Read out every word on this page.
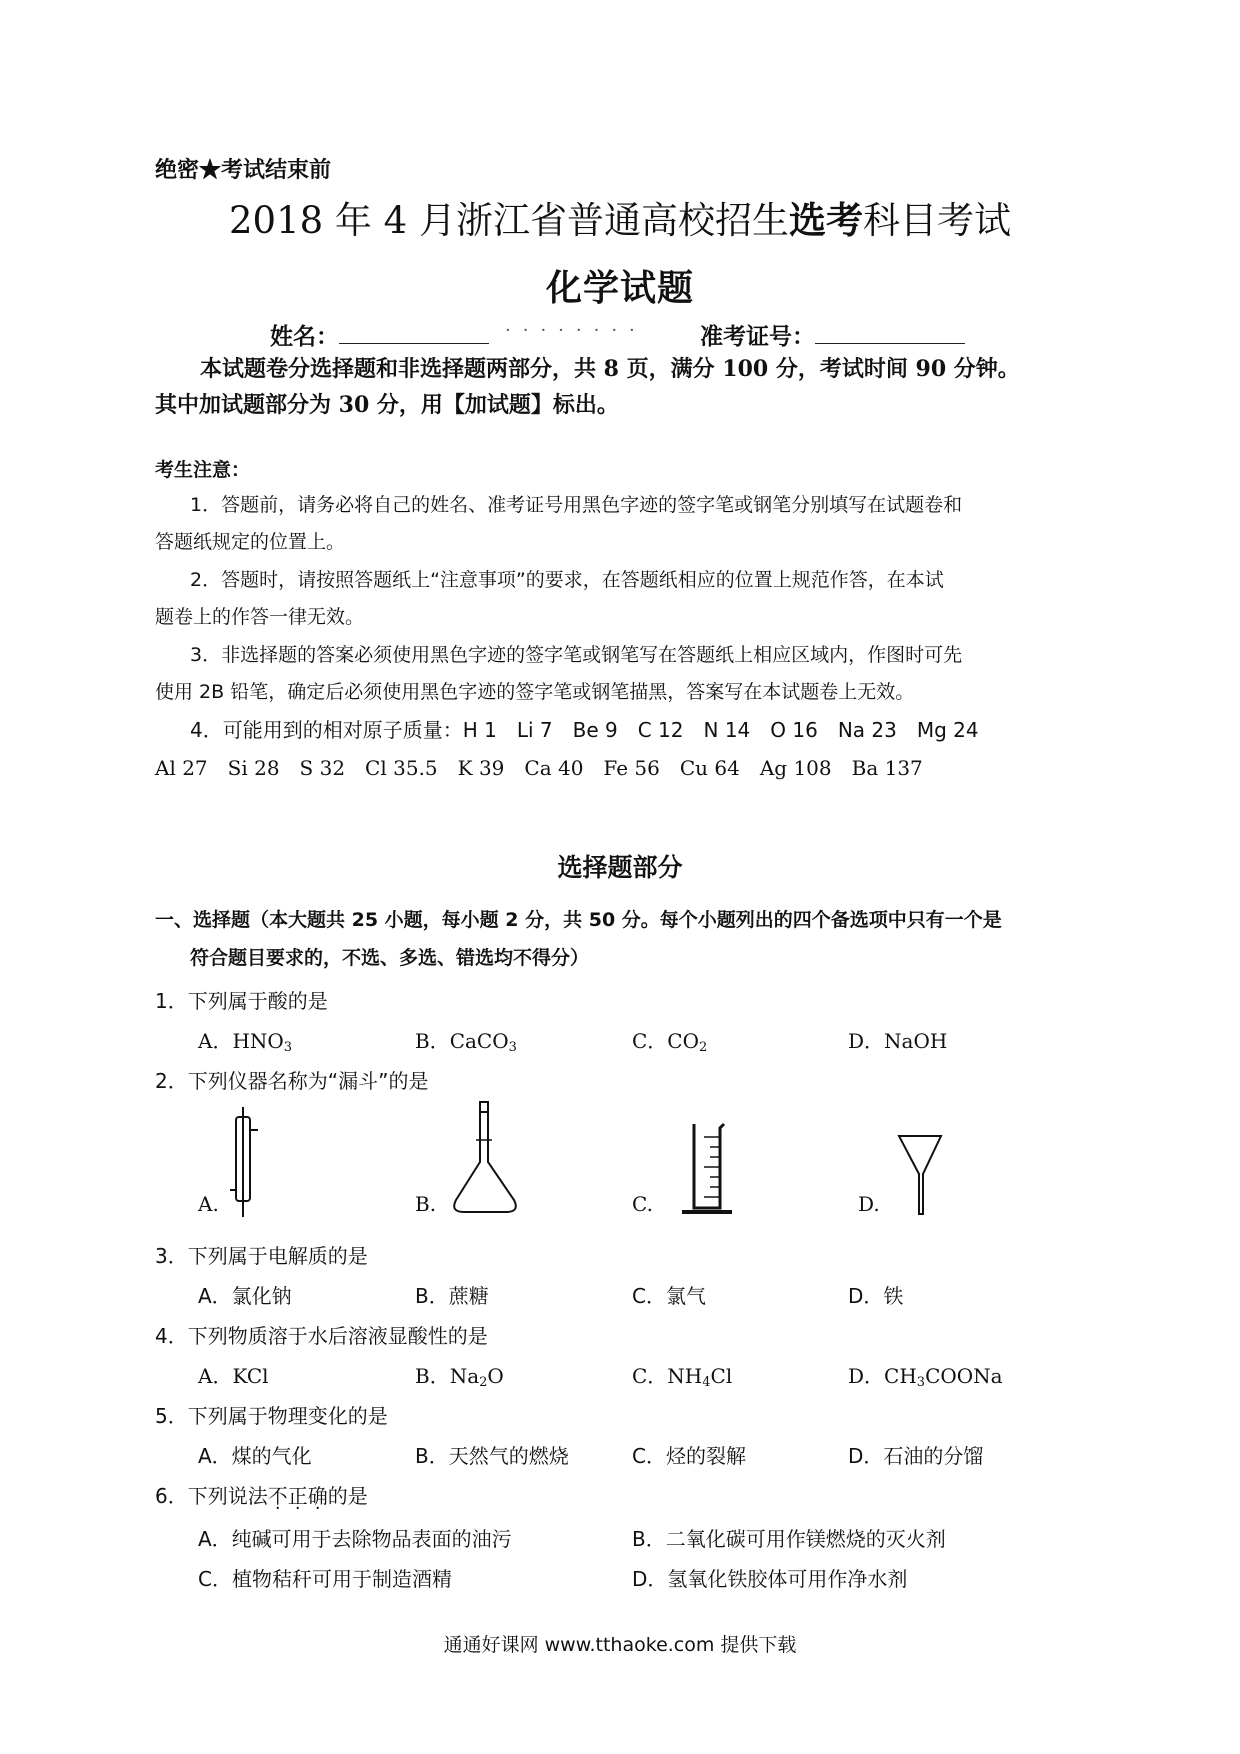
绝密★考试结束前
2018 年 4 月浙江省普通高校招生选考科目考试
化学试题
姓名：	········ 准考证号：
本试题卷分选择题和非选择题两部分，共 8 页，满分 100 分，考试时间 90 分钟。
其中加试题部分为 30 分，用【加试题】标出。
考生注意：
1．答题前，请务必将自己的姓名、准考证号用黑色字迹的签字笔或钢笔分别填写在试题卷和
答题纸规定的位置上。
2．答题时，请按照答题纸上“注意事项”的要求，在答题纸相应的位置上规范作答，在本试
题卷上的作答一律无效。
3．非选择题的答案必须使用黑色字迹的签字笔或钢笔写在答题纸上相应区域内，作图时可先
使用 2B 铅笔，确定后必须使用黑色字迹的签字笔或钢笔描黑，答案写在本试题卷上无效。
4．可能用到的相对原子质量：H 1　Li 7　Be 9　C 12　N 14　O 16　Na 23　Mg 24
Al 27　Si 28　S 32　Cl 35.5　K 39　Ca 40　Fe 56　Cu 64　Ag 108　Ba 137
选择题部分
一、选择题（本大题共 25 小题，每小题 2 分，共 50 分。每个小题列出的四个备选项中只有一个是
符合题目要求的，不选、多选、错选均不得分）
1．下列属于酸的是
A．$HNO_3$	B．CaCO$_3$	C．$CO_2$	D．NaOH
2．下列仪器名称为“漏斗”的是
A.	B.	C.	D.
3．下列属于电解质的是
A．氯化钠	B．蔗糖	C．氯气	D．铁
4．下列物质溶于水后溶液显酸性的是
A．KCl	B．$Na_2O$	C．$NH_4Cl$	D．$CH_3COONa$
5．下列属于物理变化的是
A．煤的气化	B．天然气的燃烧	C．烃的裂解	D．石油的分馏
6．下列说法不正确的是
A．纯碱可用于去除物品表面的油污	B．二氧化碳可用作镁燃烧的灭火剂
C．植物秸秆可用于制造酒精	D．氢氧化铁胶体可用作净水剂
通通好课网 www.tthaoke.com 提供下载
